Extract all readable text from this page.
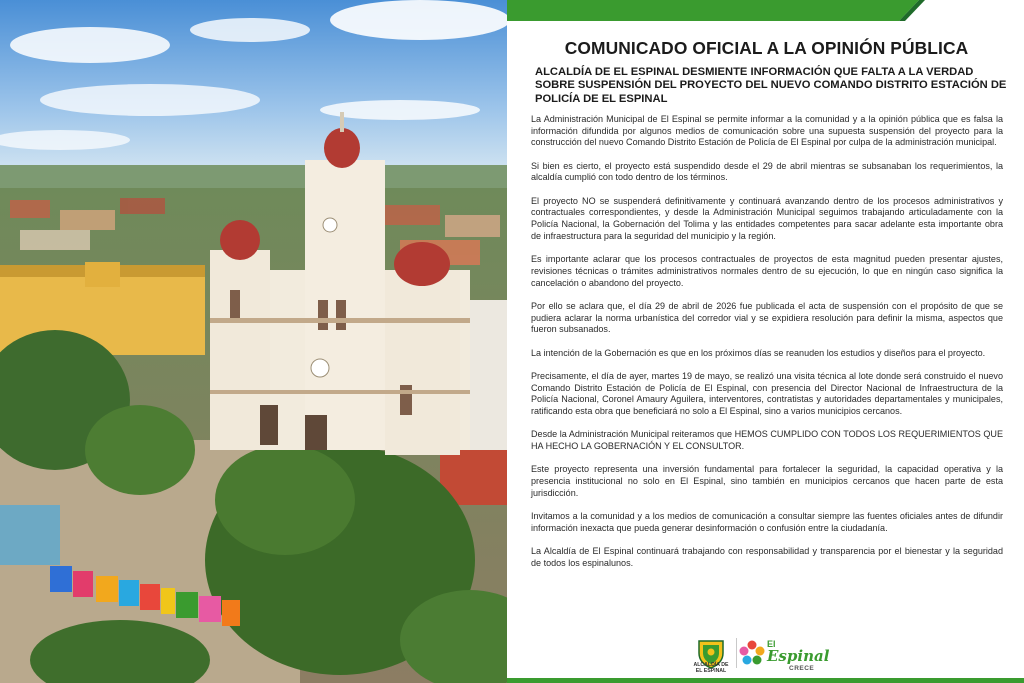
COMUNICADO OFICIAL A LA OPINIÓN PÚBLICA
ALCALDÍA DE EL ESPINAL DESMIENTE INFORMACIÓN QUE FALTA A LA VERDAD SOBRE SUSPENSIÓN DEL PROYECTO DEL NUEVO COMANDO DISTRITO ESTACIÓN DE POLICÍA DE EL ESPINAL

La Administración Municipal de El Espinal se permite informar a la comunidad y a la opinión pública que es falsa la información difundida por algunos medios de comunicación sobre una supuesta suspensión del proyecto para la construcción del nuevo Comando Distrito Estación de Policía de El Espinal por culpa de la administración municipal.

Si bien es cierto, el proyecto está suspendido desde el 29 de abril mientras se subsanaban los requerimientos, la alcaldía cumplió con todo dentro de los términos.

El proyecto NO se suspenderá definitivamente y continuará avanzando dentro de los procesos administrativos y contractuales correspondientes, y desde la Administración Municipal seguimos trabajando articuladamente con la Policía Nacional, la Gobernación del Tolima y las entidades competentes para sacar adelante esta importante obra de infraestructura para la seguridad del municipio y la región.

Es importante aclarar que los procesos contractuales de proyectos de esta magnitud pueden presentar ajustes, revisiones técnicas o trámites administrativos normales dentro de su ejecución, lo que en ningún caso significa la cancelación o abandono del proyecto.

Por ello se aclara que, el día 29 de abril de 2026 fue publicada el acta de suspensión con el propósito de que se pudiera aclarar la norma urbanística del corredor vial y se expidiera resolución para definir la misma, aspectos que fueron subsanados.

La intención de la Gobernación es que en los próximos días se reanuden los estudios y diseños para el proyecto.

Precisamente, el día de ayer, martes 19 de mayo, se realizó una visita técnica al lote donde será construido el nuevo Comando Distrito Estación de Policía de El Espinal, con presencia del Director Nacional de Infraestructura de la Policía Nacional, Coronel Amaury Aguilera, interventores, contratistas y autoridades departamentales y municipales, ratificando esta obra que beneficiará no solo a El Espinal, sino a varios municipios cercanos.

Desde la Administración Municipal reiteramos que HEMOS CUMPLIDO CON TODOS LOS REQUERIMIENTOS QUE HA HECHO LA GOBERNACIÓN Y EL CONSULTOR.

Este proyecto representa una inversión fundamental para fortalecer la seguridad, la capacidad operativa y la presencia institucional no solo en El Espinal, sino también en municipios cercanos que hacen parte de esta jurisdicción.

Invitamos a la comunidad y a los medios de comunicación a consultar siempre las fuentes oficiales antes de difundir información inexacta que pueda generar desinformación o confusión entre la ciudadanía.

La Alcaldía de El Espinal continuará trabajando con responsabilidad y transparencia por el bienestar y la seguridad de todos los espinalunos.

ALCALDÍA DE
EL ESPINAL
El
Espinal
CRECE
